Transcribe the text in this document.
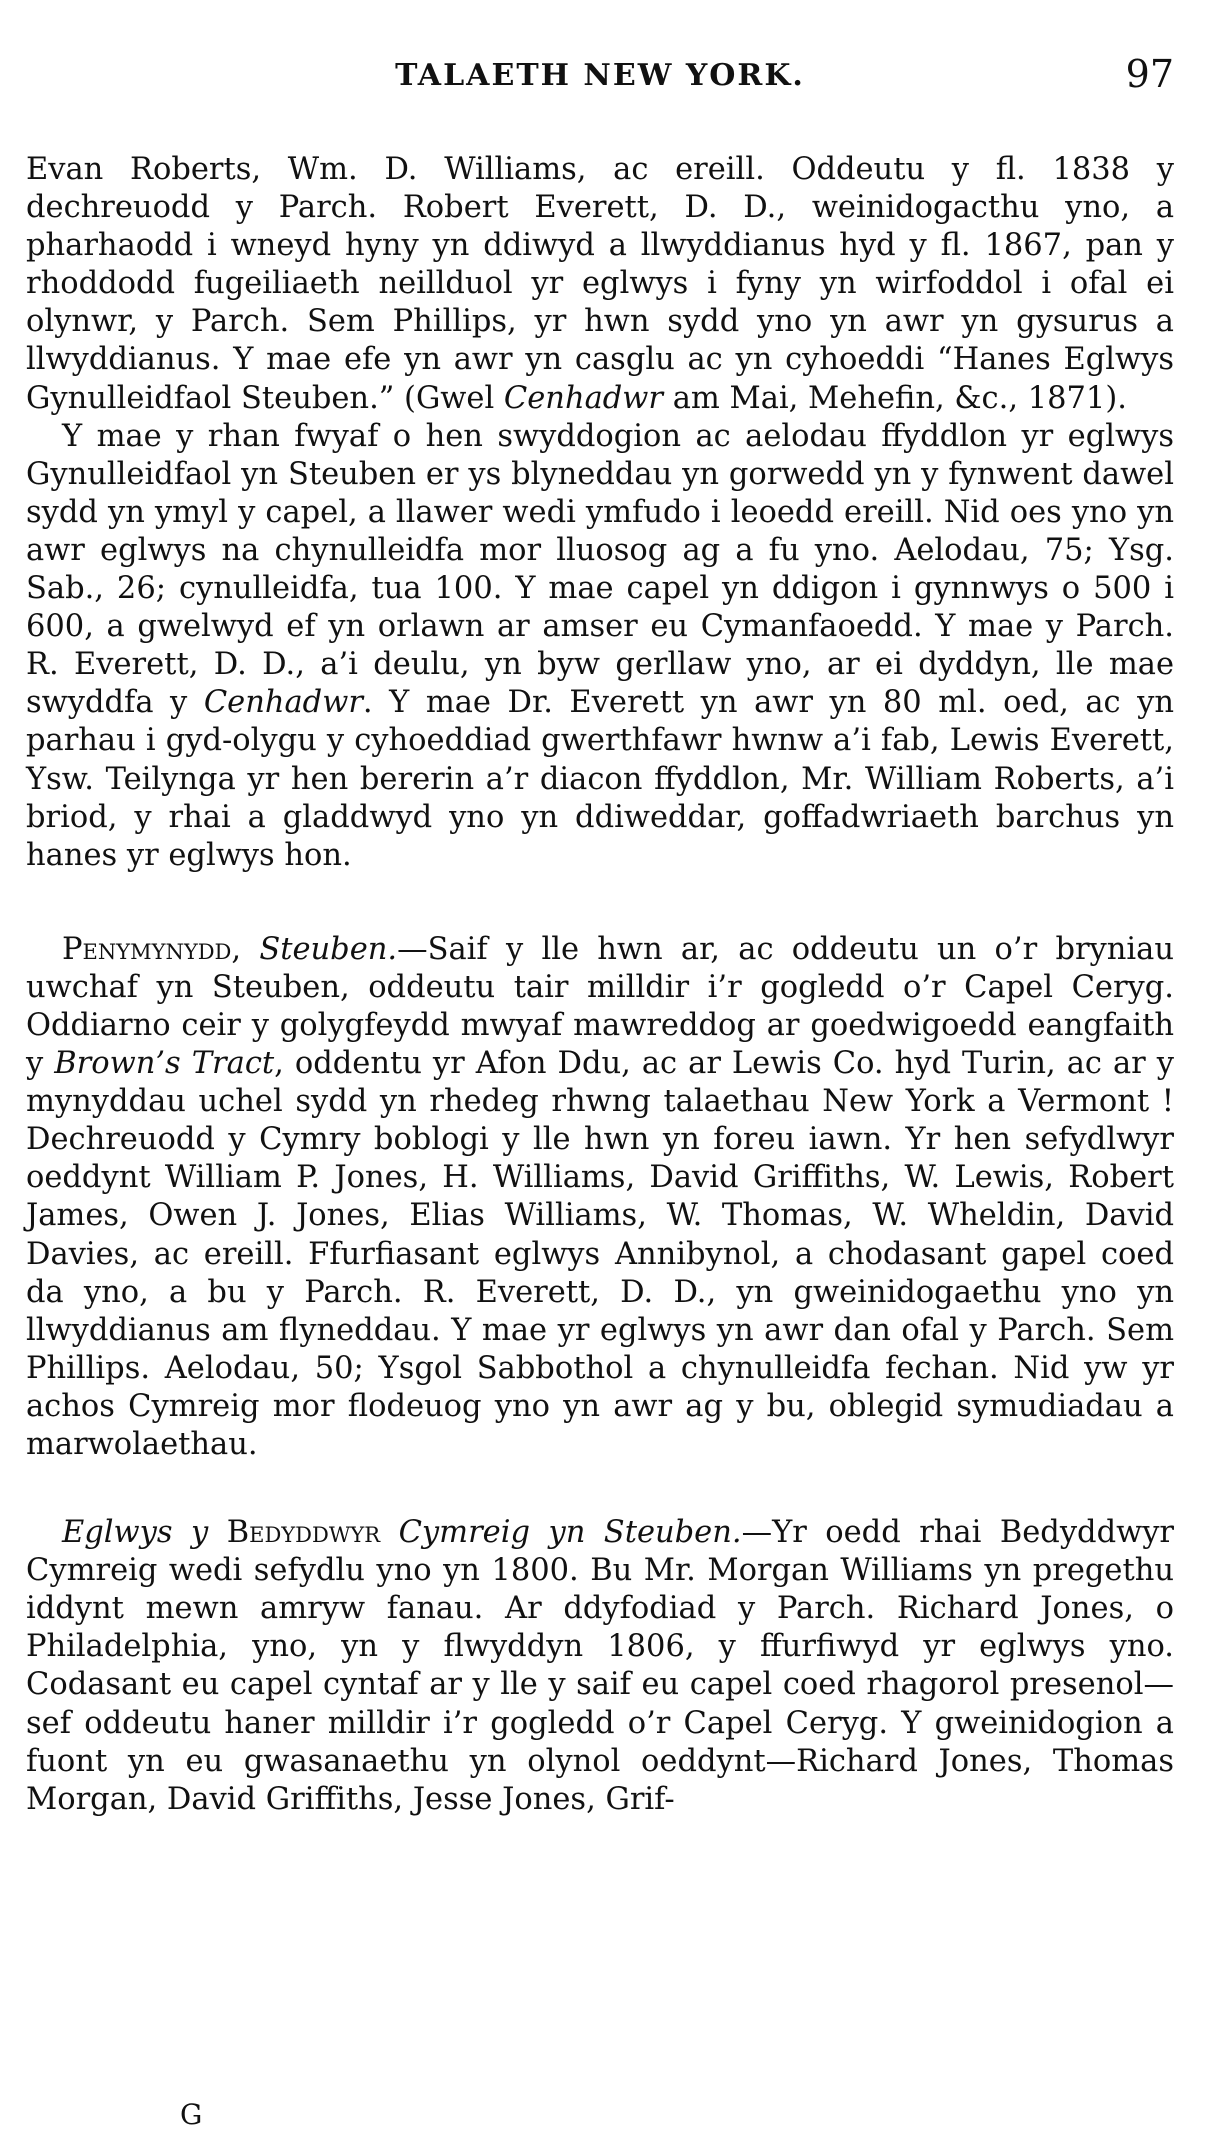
TALAETH NEW YORK.	97

Evan Roberts, Wm. D. Williams, ac ereill. Oddeutu y fl. 1838 y dechreuodd y Parch. Robert Everett, D. D., weinidogacthu yno, a pharhaodd i wneyd hyny yn ddiwyd a llwyddianus hyd y fl. 1867, pan y rhoddodd fugeiliaeth neillduol yr eglwys i fyny yn wirfoddol i ofal ei olynwr, y Parch. Sem Phillips, yr hwn sydd yno yn awr yn gysurus a llwyddianus. Y mae efe yn awr yn casglu ac yn cyhoeddi “Hanes Eglwys Gynulleidfaol Steuben.” (Gwel Cenhadwr am Mai, Mehefin, &c., 1871).

Y mae y rhan fwyaf o hen swyddogion ac aelodau ffyddlon yr eglwys Gynulleidfaol yn Steuben er ys blyneddau yn gorwedd yn y fynwent dawel sydd yn ymyl y capel, a llawer wedi ymfudo i leoedd ereill. Nid oes yno yn awr eglwys na chynulleidfa mor lluosog ag a fu yno. Aelodau, 75; Ysg. Sab., 26; cynulleidfa, tua 100. Y mae capel yn ddigon i gynnwys o 500 i 600, a gwelwyd ef yn orlawn ar amser eu Cymanfaoedd. Y mae y Parch. R. Everett, D. D., a’i deulu, yn byw gerllaw yno, ar ei dyddyn, lle mae swyddfa y Cenhadwr. Y mae Dr. Everett yn awr yn 80 ml. oed, ac yn parhau i gyd-olygu y cyhoeddiad gwerthfawr hwnw a’i fab, Lewis Everett, Ysw. Teilynga yr hen bererin a’r diacon ffyddlon, Mr. William Roberts, a’i briod, y rhai a gladdwyd yno yn ddiweddar, goffadwriaeth barchus yn hanes yr eglwys hon.

Penymynydd, Steuben.—Saif y lle hwn ar, ac oddeutu un o’r bryniau uwchaf yn Steuben, oddeutu tair milldir i’r gogledd o’r Capel Ceryg. Oddiarno ceir y golygfeydd mwyaf mawreddog ar goedwigoedd eangfaith y Brown’s Tract, oddentu yr Afon Ddu, ac ar Lewis Co. hyd Turin, ac ar y mynyddau uchel sydd yn rhedeg rhwng talaethau New York a Vermont ! Dechreuodd y Cymry boblogi y lle hwn yn foreu iawn. Yr hen sefydlwyr oeddynt William P. Jones, H. Williams, David Griffiths, W. Lewis, Robert James, Owen J. Jones, Elias Williams, W. Thomas, W. Wheldin, David Davies, ac ereill. Ffurfiasant eglwys Annibynol, a chodasant gapel coed da yno, a bu y Parch. R. Everett, D. D., yn gweinidogaethu yno yn llwyddianus am flyneddau. Y mae yr eglwys yn awr dan ofal y Parch. Sem Phillips. Aelodau, 50; Ysgol Sabbothol a chynulleidfa fechan. Nid yw yr achos Cymreig mor flodeuog yno yn awr ag y bu, oblegid symudiadau a marwolaethau.

Eglwys y Bedyddwyr Cymreig yn Steuben.—Yr oedd rhai Bedyddwyr Cymreig wedi sefydlu yno yn 1800. Bu Mr. Morgan Williams yn pregethu iddynt mewn amryw fanau. Ar ddyfodiad y Parch. Richard Jones, o Philadelphia, yno, yn y flwyddyn 1806, y ffurfiwyd yr eglwys yno. Codasant eu capel cyntaf ar y lle y saif eu capel coed rhagorol presenol—sef oddeutu haner milldir i’r gogledd o’r Capel Ceryg. Y gweinidogion a fuont yn eu gwasanaethu yn olynol oeddynt—Richard Jones, Thomas Morgan, David Griffiths, Jesse Jones, Grif-

G
